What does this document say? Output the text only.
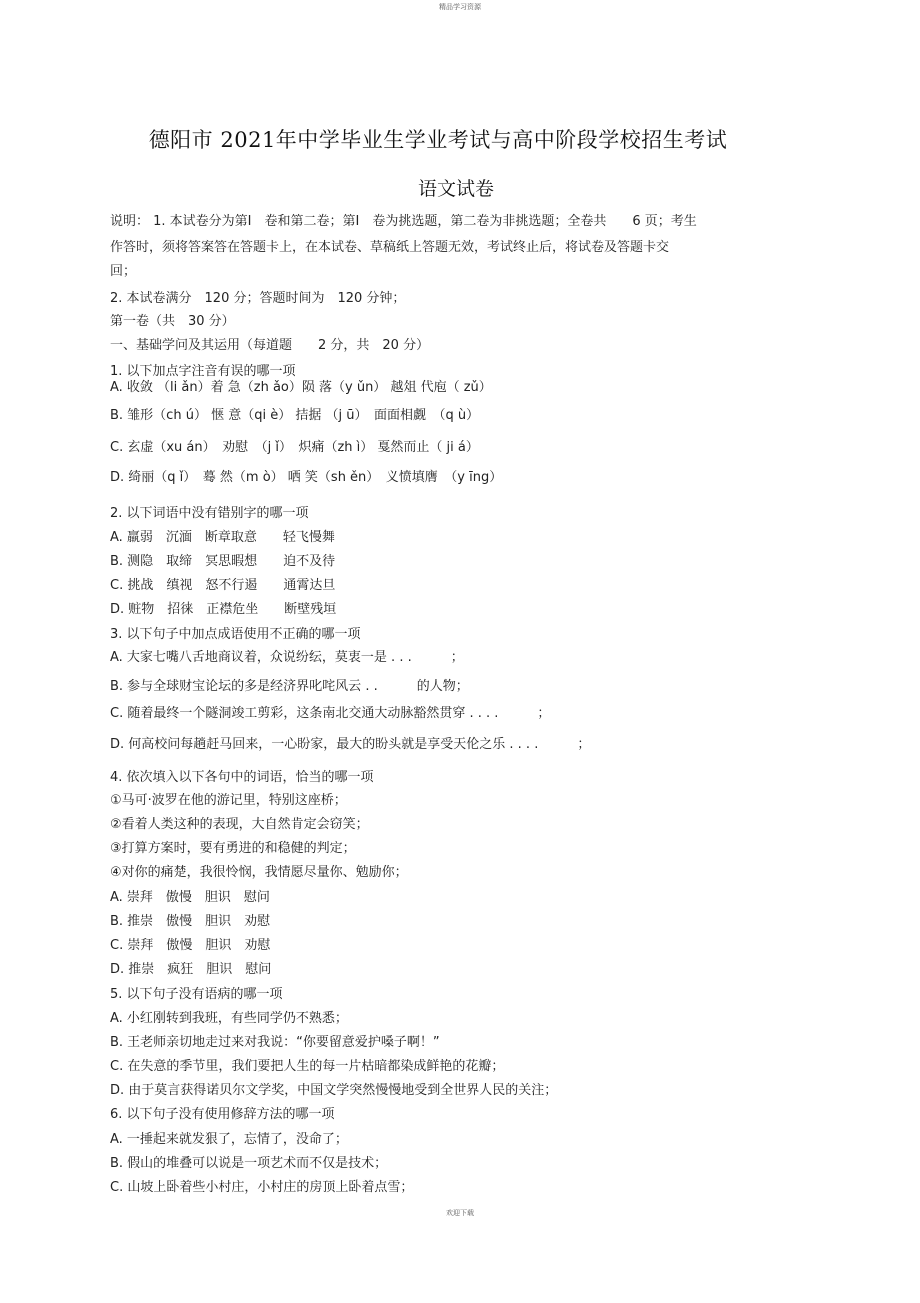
精品学习资源
德阳市 2021年中学毕业生学业考试与高中阶段学校招生考试
语文试卷
说明： 1. 本试卷分为第Ⅰ　卷和第二卷；第Ⅰ　卷为挑选题，第二卷为非挑选题；全卷共　　6 页；考生
作答时，须将答案答在答题卡上，在本试卷、草稿纸上答题无效，考试终止后，将试卷及答题卡交
回；
2. 本试卷满分　120 分；答题时间为　120 分钟；
第一卷（共　30 分）
一、基础学问及其运用（每道题　　2 分，共　20 分）
1. 以下加点字注音有误的哪一项
A. 收敛 （li ǎn）着 急（zh ǎo）陨 落（y ǔn） 越俎 代庖（ zǔ）
B. 雏形（ch ú） 惬 意（qi è） 拮据 （j ū）　面面相觑　（q ù）
C. 玄虚（xu án）　劝慰　（j ǐ）　炽痛（zh ì） 戛然而止（ ji á）
D. 绮丽（q ǐ）　蓦 然（m ò） 哂 笑（sh ěn）　义愤填膺　（y īng）
2. 以下词语中没有错别字的哪一项
A. 羸弱　沉湎　断章取意　　轻飞慢舞
B. 测隐　取缔　冥思暇想　　迫不及待
C. 挑战　缜视　怒不行遏　　通霄达旦
D. 赃物　招徕　正襟危坐　　断壁残垣
3. 以下句子中加点成语使用不正确的哪一项
A. 大家七嘴八舌地商议着，众说纷纭，莫衷一是 . . .　　　；
B. 参与全球财宝论坛的多是经济界叱咤风云 . .　　　的人物；
C. 随着最终一个隧洞竣工剪彩，这条南北交通大动脉豁然贯穿 . . . .　　　；
D. 何高校问每趟赶马回来，一心盼家，最大的盼头就是享受天伦之乐 . . . .　　　；
4. 依次填入以下各句中的词语，恰当的哪一项
①马可·波罗在他的游记里，特别这座桥；
②看着人类这种的表现，大自然肯定会窃笑；
③打算方案时，要有勇进的和稳健的判定；
④对你的痛楚，我很怜悯，我情愿尽量你、勉励你；
A. 崇拜　傲慢　胆识　慰问
B. 推崇　傲慢　胆识　劝慰
C. 崇拜　傲慢　胆识　劝慰
D. 推崇　疯狂　胆识　慰问
5. 以下句子没有语病的哪一项
A. 小红刚转到我班，有些同学仍不熟悉；
B. 王老师亲切地走过来对我说：“你要留意爱护嗓子啊！”
C. 在失意的季节里，我们要把人生的每一片枯暗都染成鲜艳的花瓣；
D. 由于莫言获得诺贝尔文学奖，中国文学突然慢慢地受到全世界人民的关注；
6. 以下句子没有使用修辞方法的哪一项
A. 一捶起来就发狠了，忘情了，没命了；
B. 假山的堆叠可以说是一项艺术而不仅是技术；
C. 山坡上卧着些小村庄，小村庄的房顶上卧着点雪；
欢迎下载
